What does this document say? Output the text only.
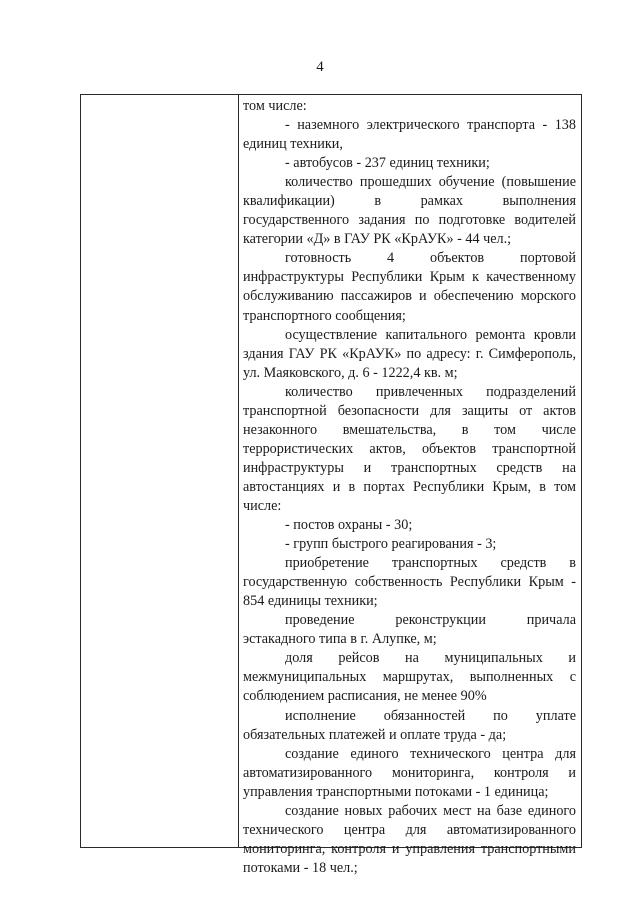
4

том числе:

- наземного электрического транспорта - 138 единиц техники,

- автобусов - 237 единиц техники;

количество прошедших обучение (повышение квалификации) в рамках выполнения государственного задания по подготовке водителей категории «Д» в ГАУ РК «КрАУК» - 44 чел.;

готовность 4 объектов портовой инфраструктуры Республики Крым к качественному обслуживанию пассажиров и обеспечению морского транспортного сообщения;

осуществление капитального ремонта кровли здания ГАУ РК «КрАУК» по адресу: г. Симферополь, ул. Маяковского, д. 6 - 1222,4 кв. м;

количество привлеченных подразделений транспортной безопасности для защиты от актов незаконного вмешательства, в том числе террористических актов, объектов транспортной инфраструктуры и транспортных средств на автостанциях и в портах Республики Крым, в том числе:

- постов охраны - 30;

- групп быстрого реагирования - 3;

приобретение транспортных средств в государственную собственность Республики Крым - 854 единицы техники;

проведение реконструкции причала эстакадного типа в г. Алупке, м;

доля рейсов на муниципальных и межмуниципальных маршрутах, выполненных с соблюдением расписания, не менее 90%

исполнение обязанностей по уплате обязательных платежей и оплате труда - да;

создание единого технического центра для автоматизированного мониторинга, контроля и управления транспортными потоками - 1 единица;

создание новых рабочих мест на базе единого технического центра для автоматизированного мониторинга, контроля и управления транспортными потоками - 18 чел.;
